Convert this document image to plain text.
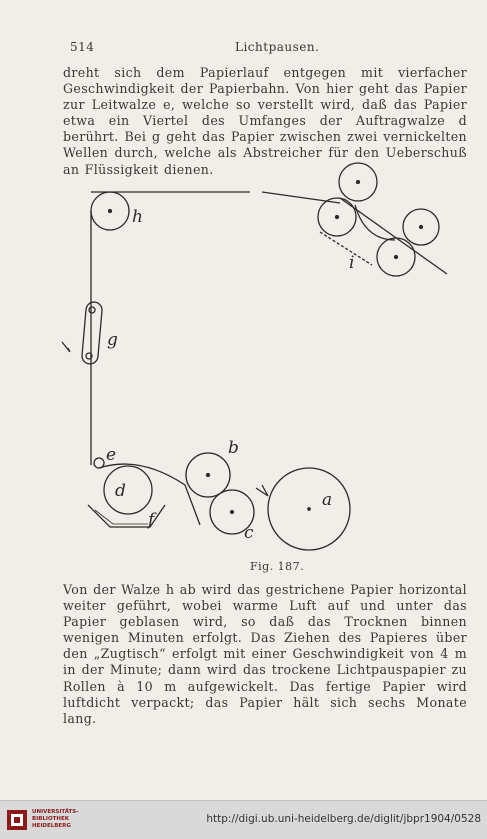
514	Lichtpausen.
dreht sich dem Papierlauf entgegen mit vierfacher Geschwindigkeit der Papierbahn. Von hier geht das Papier zur Leitwalze e, welche so verstellt wird, daß das Papier etwa ein Viertel des Umfanges der Auftragwalze d berührt. Bei g geht das Papier zwischen zwei vernickelten Wellen durch, welche als Abstreicher für den Ueberschuß an Flüssigkeit dienen.
h
g
e
d
f
b
c
a
i
Fig. 187.
Von der Walze h ab wird das gestrichene Papier horizontal weiter geführt, wobei warme Luft auf und unter das Papier geblasen wird, so daß das Trocknen binnen wenigen Minuten erfolgt. Das Ziehen des Papieres über den „Zugtisch“ erfolgt mit einer Geschwindigkeit von 4 m in der Minute; dann wird das trockene Lichtpauspapier zu Rollen à 10 m aufgewickelt. Das fertige Papier wird luftdicht verpackt; das Papier hält sich sechs Monate lang.
UNIVERSITÄTS-
BIBLIOTHEK
HEIDELBERG
http://digi.ub.uni-heidelberg.de/diglit/jbpr1904/0528
